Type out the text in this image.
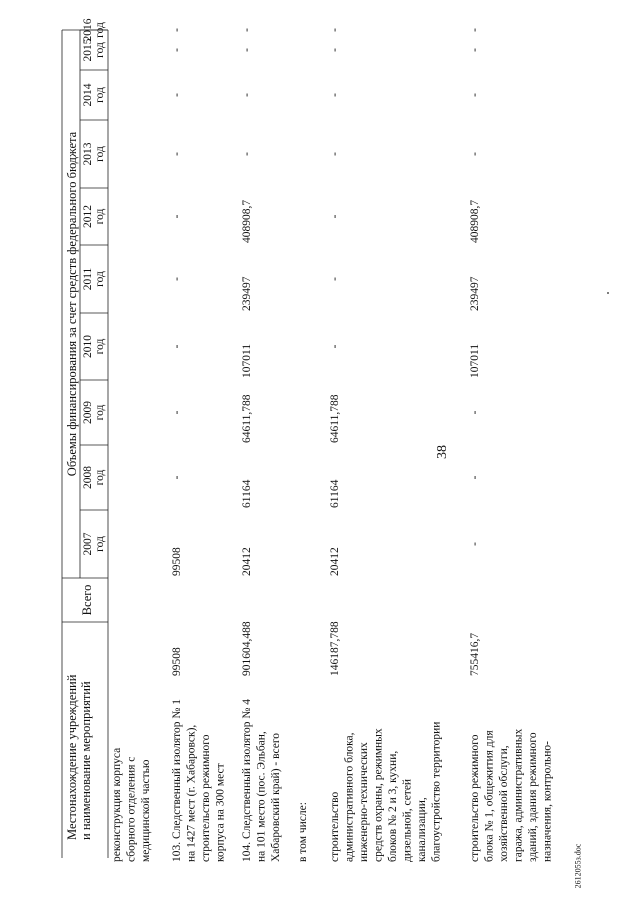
38
2612055з.doc
Местонахождение учреждений и наименование мероприятий
Всего
Объемы финансирования за счет средств федерального бюджета
2007 год
2008 год
2009 год
2010 год
2011 год
2012 год
2013 год
2014 год
2015 год
2016 год
реконструкция корпуса сборного отделения с медицинской частью 103. Следственный изолятор № 1 на 1427 мест (г. Хабаровск), строительство режимного корпуса на 300 мест
99508
99508
-
-
-
-
-
-
-
-
-
104. Следственный изолятор № 4 на 101 место (пос. Эльбан, Хабаровский край) - всего
901604,488
20412
61164
64611,788
107011
239497
408908,7
-
-
-
-
в том числе: строительство административного блока, инженерно-технических средств охраны, режимных блоков № 2 и 3, кухни, дизельной, сетей канализации, благоустройство территории
146187,788
20412
61164
64611,788
-
-
-
-
-
-
-
строительство режимного блока № 1, общежития для хозяйственной обслуги, гаража, административных зданий, здания режимного назначения, контрольно-
755416,7
-
-
-
107011
239497
408908,7
-
-
-
-
